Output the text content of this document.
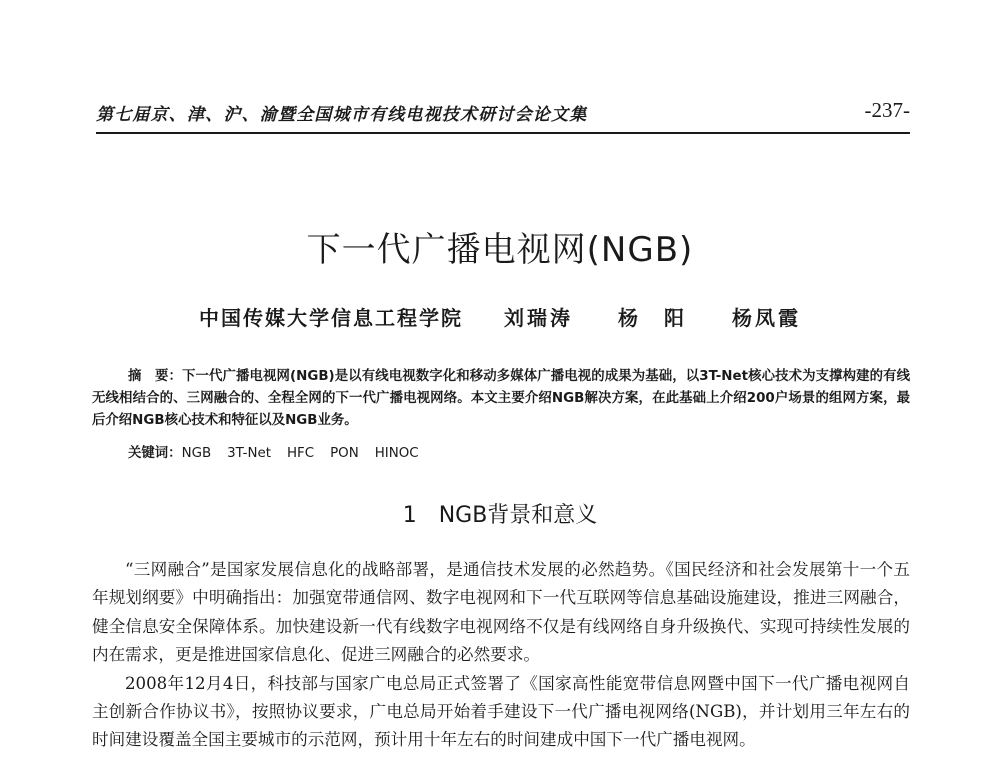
第七届京、津、沪、渝暨全国城市有线电视技术研讨会论文集	-237-
下一代广播电视网(NGB)
中国传媒大学信息工程学院 刘瑞涛 杨　阳 杨凤霞

摘　要：下一代广播电视网(NGB)是以有线电视数字化和移动多媒体广播电视的成果为基础，以3T-Net核心技术为支撑构建的有线无线相结合的、三网融合的、全程全网的下一代广播电视网络。本文主要介绍NGB解决方案，在此基础上介绍200户场景的组网方案，最后介绍NGB核心技术和特征以及NGB业务。

关键词：NGB 3T-Net HFC PON HINOC
1 NGB背景和意义

“三网融合”是国家发展信息化的战略部署，是通信技术发展的必然趋势。《国民经济和社会发展第十一个五年规划纲要》中明确指出：加强宽带通信网、数字电视网和下一代互联网等信息基础设施建设，推进三网融合，健全信息安全保障体系。加快建设新一代有线数字电视网络不仅是有线网络自身升级换代、实现可持续性发展的内在需求，更是推进国家信息化、促进三网融合的必然要求。

2008年12月4日，科技部与国家广电总局正式签署了《国家高性能宽带信息网暨中国下一代广播电视网自主创新合作协议书》，按照协议要求，广电总局开始着手建设下一代广播电视网络(NGB)，并计划用三年左右的时间建设覆盖全国主要城市的示范网，预计用十年左右的时间建成中国下一代广播电视网。
